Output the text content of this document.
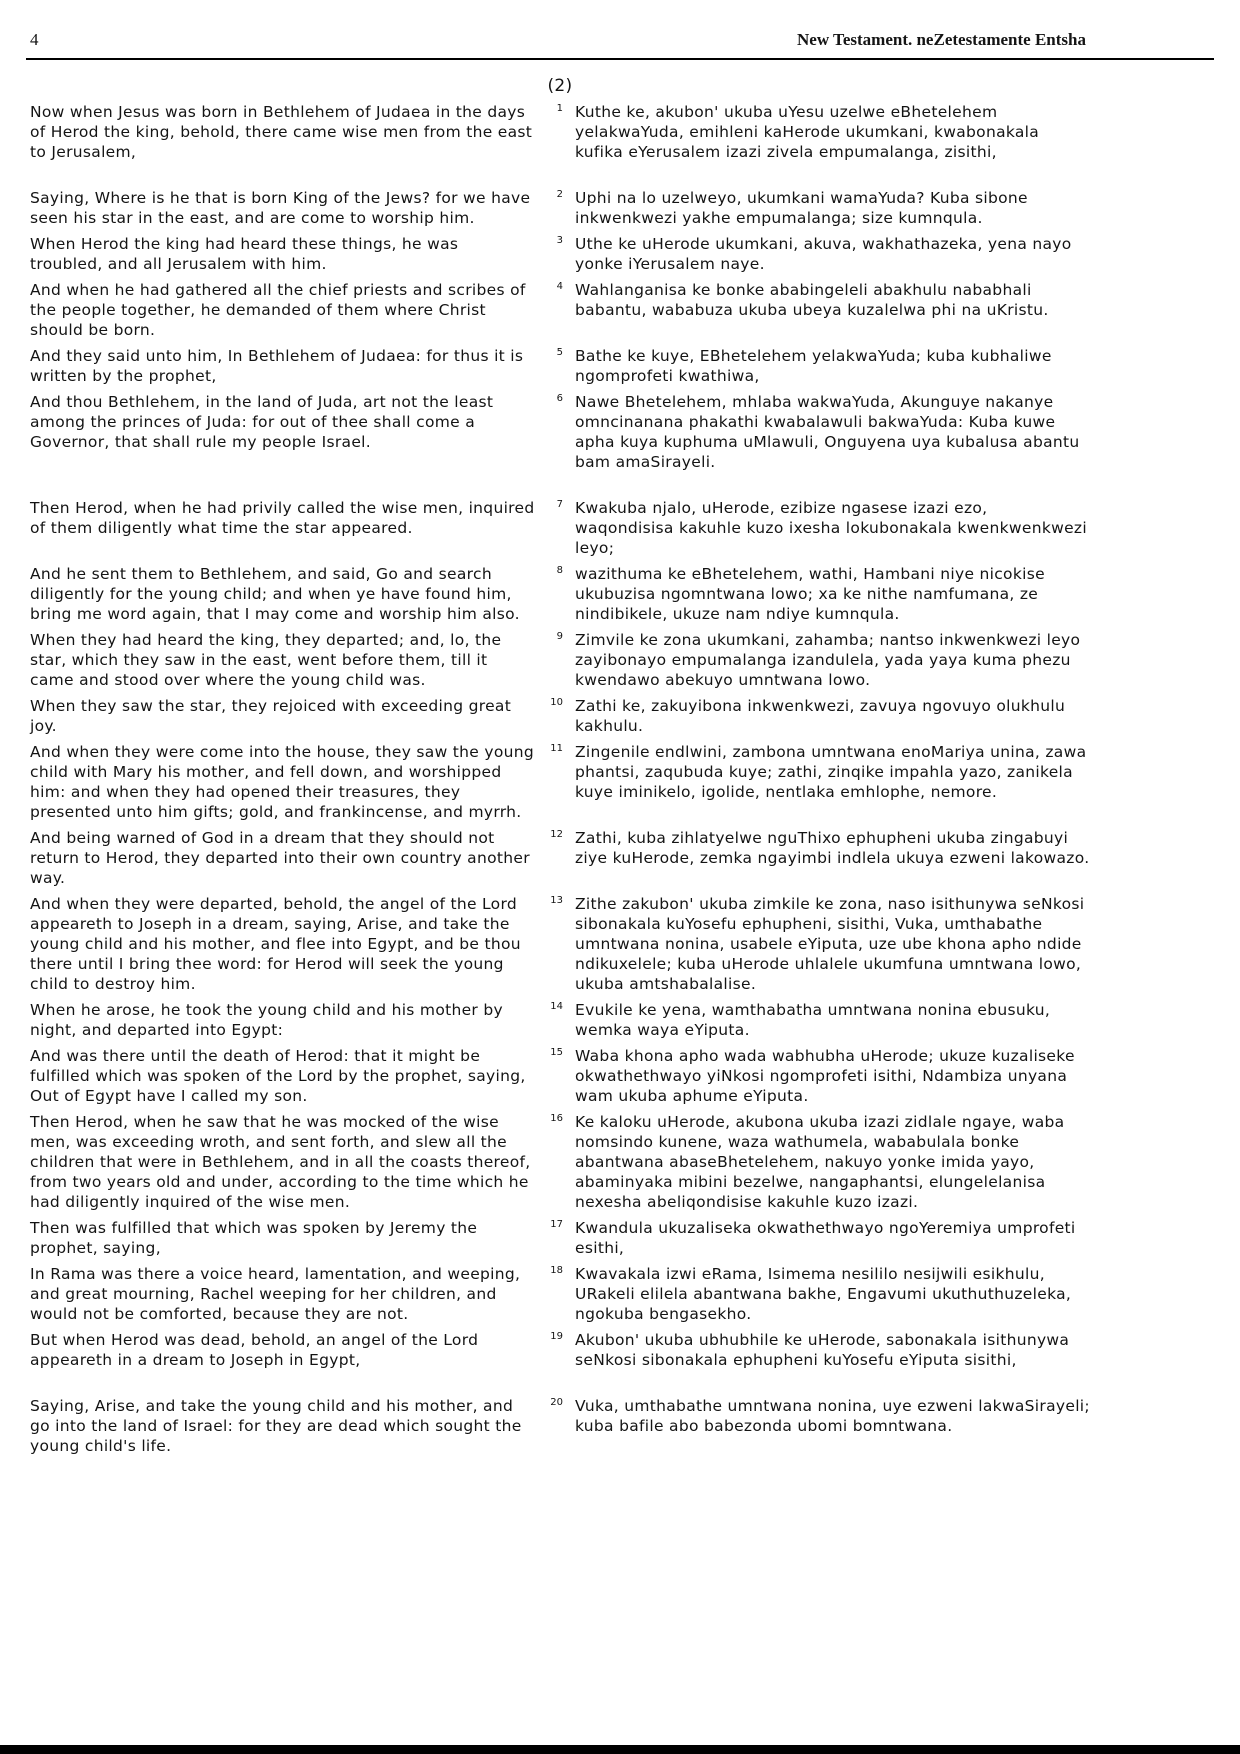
4	New Testament. neZetestamente Entsha
(2)
Now when Jesus was born in Bethlehem of Judaea in the days of Herod the king, behold, there came wise men from the east to Jerusalem,
1 Kuthe ke, akubon' ukuba uYesu uzelwe eBhetelehem yelakwaYuda, emihleni kaHerode ukumkani, kwabonakala kufika eYerusalem izazi zivela empumalanga, zisithi,
Saying, Where is he that is born King of the Jews? for we have seen his star in the east, and are come to worship him.
2 Uphi na lo uzelweyo, ukumkani wamaYuda? Kuba sibone inkwenkwezi yakhe empumalanga; size kumnqula.
When Herod the king had heard these things, he was troubled, and all Jerusalem with him.
3 Uthe ke uHerode ukumkani, akuva, wakhathazeka, yena nayo yonke iYerusalem naye.
And when he had gathered all the chief priests and scribes of the people together, he demanded of them where Christ should be born.
4 Wahlanganisa ke bonke ababingeleli abakhulu nababhali babantu, wababuza ukuba ubeya kuzalelwa phi na uKristu.
And they said unto him, In Bethlehem of Judaea: for thus it is written by the prophet,
5 Bathe ke kuye, EBhetelehem yelakwaYuda; kuba kubhaliwe ngomprofeti kwathiwa,
And thou Bethlehem, in the land of Juda, art not the least among the princes of Juda: for out of thee shall come a Governor, that shall rule my people Israel.
6 Nawe Bhetelehem, mhlaba wakwaYuda, Akunguye nakanye omncinanana phakathi kwabalawuli bakwaYuda: Kuba kuwe apha kuya kuphuma uMlawuli, Onguyena uya kubalusa abantu bam amaSirayeli.
Then Herod, when he had privily called the wise men, inquired of them diligently what time the star appeared.
7 Kwakuba njalo, uHerode, ezibize ngasese izazi ezo, waqondisisa kakuhle kuzo ixesha lokubonakala kwenkwenkwezi leyo;
And he sent them to Bethlehem, and said, Go and search diligently for the young child; and when ye have found him, bring me word again, that I may come and worship him also.
8 wazithuma ke eBhetelehem, wathi, Hambani niye nicokise ukubuzisa ngomntwana lowo; xa ke nithe namfumana, ze nindibikele, ukuze nam ndiye kumnqula.
When they had heard the king, they departed; and, lo, the star, which they saw in the east, went before them, till it came and stood over where the young child was.
9 Zimvile ke zona ukumkani, zahamba; nantso inkwenkwezi leyo zayibonayo empumalanga izandulela, yada yaya kuma phezu kwendawo abekuyo umntwana lowo.
When they saw the star, they rejoiced with exceeding great joy.
10 Zathi ke, zakuyibona inkwenkwezi, zavuya ngovuyo olukhulu kakhulu.
And when they were come into the house, they saw the young child with Mary his mother, and fell down, and worshipped him: and when they had opened their treasures, they presented unto him gifts; gold, and frankincense, and myrrh.
11 Zingenile endlwini, zambona umntwana enoMariya unina, zawa phantsi, zaqubuda kuye; zathi, zinqike impahla yazo, zanikela kuye iminikelo, igolide, nentlaka emhlophe, nemore.
And being warned of God in a dream that they should not return to Herod, they departed into their own country another way.
12 Zathi, kuba zihlatyelwe nguThixo ephupheni ukuba zingabuyi ziye kuHerode, zemka ngayimbi indlela ukuya ezweni lakowazo.
And when they were departed, behold, the angel of the Lord appeareth to Joseph in a dream, saying, Arise, and take the young child and his mother, and flee into Egypt, and be thou there until I bring thee word: for Herod will seek the young child to destroy him.
13 Zithe zakubon' ukuba zimkile ke zona, naso isithunywa seNkosi sibonakala kuYosefu ephupheni, sisithi, Vuka, umthabathe umntwana nonina, usabele eYiputa, uze ube khona apho ndide ndikuxelele; kuba uHerode uhlalele ukumfuna umntwana lowo, ukuba amtshabalalise.
When he arose, he took the young child and his mother by night, and departed into Egypt:
14 Evukile ke yena, wamthabatha umntwana nonina ebusuku, wemka waya eYiputa.
And was there until the death of Herod: that it might be fulfilled which was spoken of the Lord by the prophet, saying, Out of Egypt have I called my son.
15 Waba khona apho wada wabhubha uHerode; ukuze kuzaliseke okwathethwayo yiNkosi ngomprofeti isithi, Ndambiza unyana wam ukuba aphume eYiputa.
Then Herod, when he saw that he was mocked of the wise men, was exceeding wroth, and sent forth, and slew all the children that were in Bethlehem, and in all the coasts thereof, from two years old and under, according to the time which he had diligently inquired of the wise men.
16 Ke kaloku uHerode, akubona ukuba izazi zidlale ngaye, waba nomsindo kunene, waza wathumela, wababulala bonke abantwana abaseBhetelehem, nakuyo yonke imida yayo, abaminyaka mibini bezelwe, nangaphantsi, elungelelanisa nexesha abeliqondisise kakuhle kuzo izazi.
Then was fulfilled that which was spoken by Jeremy the prophet, saying,
17 Kwandula ukuzaliseka okwathethwayo ngoYeremiya umprofeti esithi,
In Rama was there a voice heard, lamentation, and weeping, and great mourning, Rachel weeping for her children, and would not be comforted, because they are not.
18 Kwavakala izwi eRama, Isimema nesililo nesijwili esikhulu, URakeli elilela abantwana bakhe, Engavumi ukuthuthuzeleka, ngokuba bengasekho.
But when Herod was dead, behold, an angel of the Lord appeareth in a dream to Joseph in Egypt,
19 Akubon' ukuba ubhubhile ke uHerode, sabonakala isithunywa seNkosi sibonakala ephupheni kuYosefu eYiputa sisithi,
Saying, Arise, and take the young child and his mother, and go into the land of Israel: for they are dead which sought the young child's life.
20 Vuka, umthabathe umntwana nonina, uye ezweni lakwaSirayeli; kuba bafile abo babezonda ubomi bomntwana.
